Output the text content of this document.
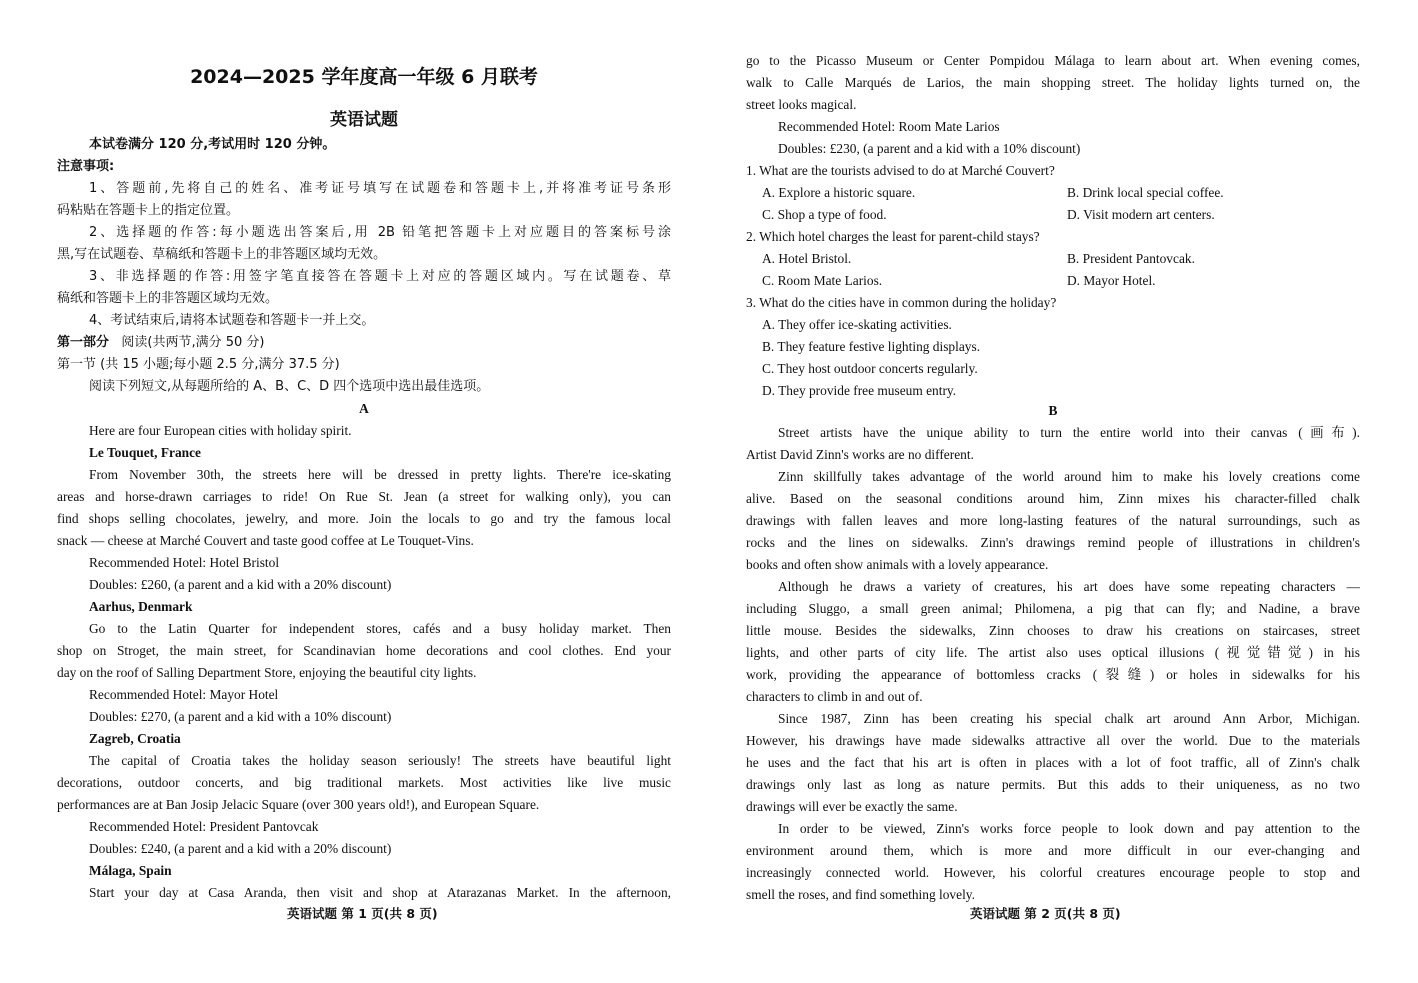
2024—2025 学年度高一年级 6 月联考
英语试题
本试卷满分 120 分,考试用时 120 分钟。
注意事项:
1、答题前,先将自己的姓名、准考证号填写在试题卷和答题卡上,并将准考证号条形
码粘贴在答题卡上的指定位置。
2、选择题的作答:每小题选出答案后,用 2B 铅笔把答题卡上对应题目的答案标号涂
黑,写在试题卷、草稿纸和答题卡上的非答题区域均无效。
3、非选择题的作答:用签字笔直接答在答题卡上对应的答题区域内。写在试题卷、草
稿纸和答题卡上的非答题区域均无效。
4、考试结束后,请将本试题卷和答题卡一并上交。
第一部分 阅读(共两节,满分 50 分)
第一节 (共 15 小题;每小题 2.5 分,满分 37.5 分)
阅读下列短文,从每题所给的 A、B、C、D 四个选项中选出最佳选项。
A
Here are four European cities with holiday spirit.
Le Touquet, France
From November 30th, the streets here will be dressed in pretty lights. There're ice-skating
areas and horse-drawn carriages to ride! On Rue St. Jean (a street for walking only), you can
find shops selling chocolates, jewelry, and more. Join the locals to go and try the famous local
snack — cheese at Marché Couvert and taste good coffee at Le Touquet-Vins.
Recommended Hotel: Hotel Bristol
Doubles: £260, (a parent and a kid with a 20% discount)
Aarhus, Denmark
Go to the Latin Quarter for independent stores, cafés and a busy holiday market. Then
shop on Stroget, the main street, for Scandinavian home decorations and cool clothes. End your
day on the roof of Salling Department Store, enjoying the beautiful city lights.
Recommended Hotel: Mayor Hotel
Doubles: £270, (a parent and a kid with a 10% discount)
Zagreb, Croatia
The capital of Croatia takes the holiday season seriously! The streets have beautiful light
decorations, outdoor concerts, and big traditional markets. Most activities like live music
performances are at Ban Josip Jelacic Square (over 300 years old!), and European Square.
Recommended Hotel: President Pantovcak
Doubles: £240, (a parent and a kid with a 20% discount)
Málaga, Spain
Start your day at Casa Aranda, then visit and shop at Atarazanas Market. In the afternoon,
英语试题 第 1 页(共 8 页)
go to the Picasso Museum or Center Pompidou Málaga to learn about art. When evening comes,
walk to Calle Marqués de Larios, the main shopping street. The holiday lights turned on, the
street looks magical.
Recommended Hotel: Room Mate Larios
Doubles: £230, (a parent and a kid with a 10% discount)
1. What are the tourists advised to do at Marché Couvert?
A. Explore a historic square.	B. Drink local special coffee.
C. Shop a type of food.	D. Visit modern art centers.
2. Which hotel charges the least for parent-child stays?
A. Hotel Bristol.	B. President Pantovcak.
C. Room Mate Larios.	D. Mayor Hotel.
3. What do the cities have in common during the holiday?
A. They offer ice-skating activities.
B. They feature festive lighting displays.
C. They host outdoor concerts regularly.
D. They provide free museum entry.
B
Street artists have the unique ability to turn the entire world into their canvas (画布).
Artist David Zinn's works are no different.
Zinn skillfully takes advantage of the world around him to make his lovely creations come
alive. Based on the seasonal conditions around him, Zinn mixes his character-filled chalk
drawings with fallen leaves and more long-lasting features of the natural surroundings, such as
rocks and the lines on sidewalks. Zinn's drawings remind people of illustrations in children's
books and often show animals with a lovely appearance.
Although he draws a variety of creatures, his art does have some repeating characters —
including Sluggo, a small green animal; Philomena, a pig that can fly; and Nadine, a brave
little mouse. Besides the sidewalks, Zinn chooses to draw his creations on staircases, street
lights, and other parts of city life. The artist also uses optical illusions (视觉错觉) in his
work, providing the appearance of bottomless cracks (裂缝) or holes in sidewalks for his
characters to climb in and out of.
Since 1987, Zinn has been creating his special chalk art around Ann Arbor, Michigan.
However, his drawings have made sidewalks attractive all over the world. Due to the materials
he uses and the fact that his art is often in places with a lot of foot traffic, all of Zinn's chalk
drawings only last as long as nature permits. But this adds to their uniqueness, as no two
drawings will ever be exactly the same.
In order to be viewed, Zinn's works force people to look down and pay attention to the
environment around them, which is more and more difficult in our ever-changing and
increasingly connected world. However, his colorful creatures encourage people to stop and
smell the roses, and find something lovely.
英语试题 第 2 页(共 8 页)
